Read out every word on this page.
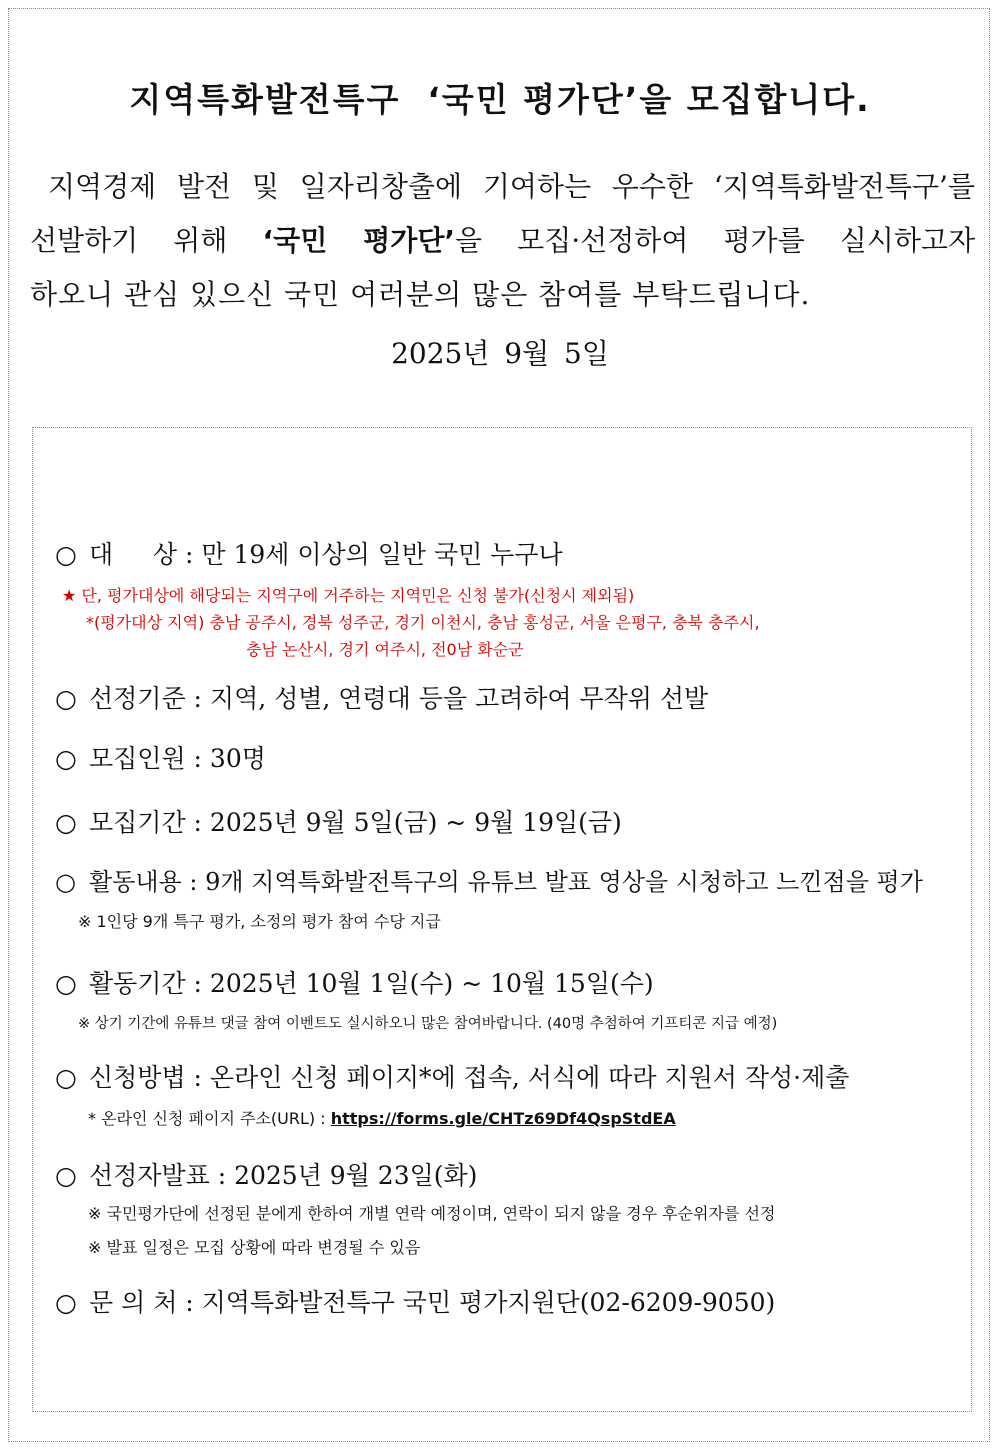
지역특화발전특구  ‘국민 평가단’을 모집합니다.
지역경제 발전 및 일자리창출에 기여하는 우수한 ‘지역특화발전특구’를
선발하기 위해 ‘국민 평가단’을 모집·선정하여 평가를 실시하고자
하오니 관심 있으신 국민 여러분의 많은 참여를 부탁드립니다.
2025년 9월 5일
○ 대     상 : 만 19세 이상의 일반 국민 누구나
★ 단, 평가대상에 해당되는 지역구에 거주하는 지역민은 신청 불가(신청시 제외됨)
*(평가대상 지역) 충남 공주시, 경북 성주군, 경기 이천시, 충남 홍성군, 서울 은평구, 충북 충주시,
충남 논산시, 경기 여주시, 전0남 화순군
○ 선정기준 : 지역, 성별, 연령대 등을 고려하여 무작위 선발
○ 모집인원 : 30명
○ 모집기간 : 2025년 9월 5일(금) ~ 9월 19일(금)
○ 활동내용 : 9개 지역특화발전특구의 유튜브 발표 영상을 시청하고 느낀점을 평가
※ 1인당 9개 특구 평가, 소정의 평가 참여 수당 지급
○ 활동기간 : 2025년 10월 1일(수) ~ 10월 15일(수)
※ 상기 기간에 유튜브 댓글 참여 이벤트도 실시하오니 많은 참여바랍니다. (40명 추첨하여 기프티콘 지급 예정)
○ 신청방볍 : 온라인 신청 페이지*에 접속, 서식에 따라 지원서 작성·제출
* 온라인 신청 페이지 주소(URL) : https://forms.gle/CHTz69Df4QspStdEA
○ 선정자발표 : 2025년 9월 23일(화)
※ 국민평가단에 선정된 분에게 한하여 개별 연락 예정이며, 연락이 되지 않을 경우 후순위자를 선정
※ 발표 일정은 모집 상황에 따라 변경될 수 있음
○ 문 의 처 : 지역특화발전특구 국민 평가지원단(02-6209-9050)
